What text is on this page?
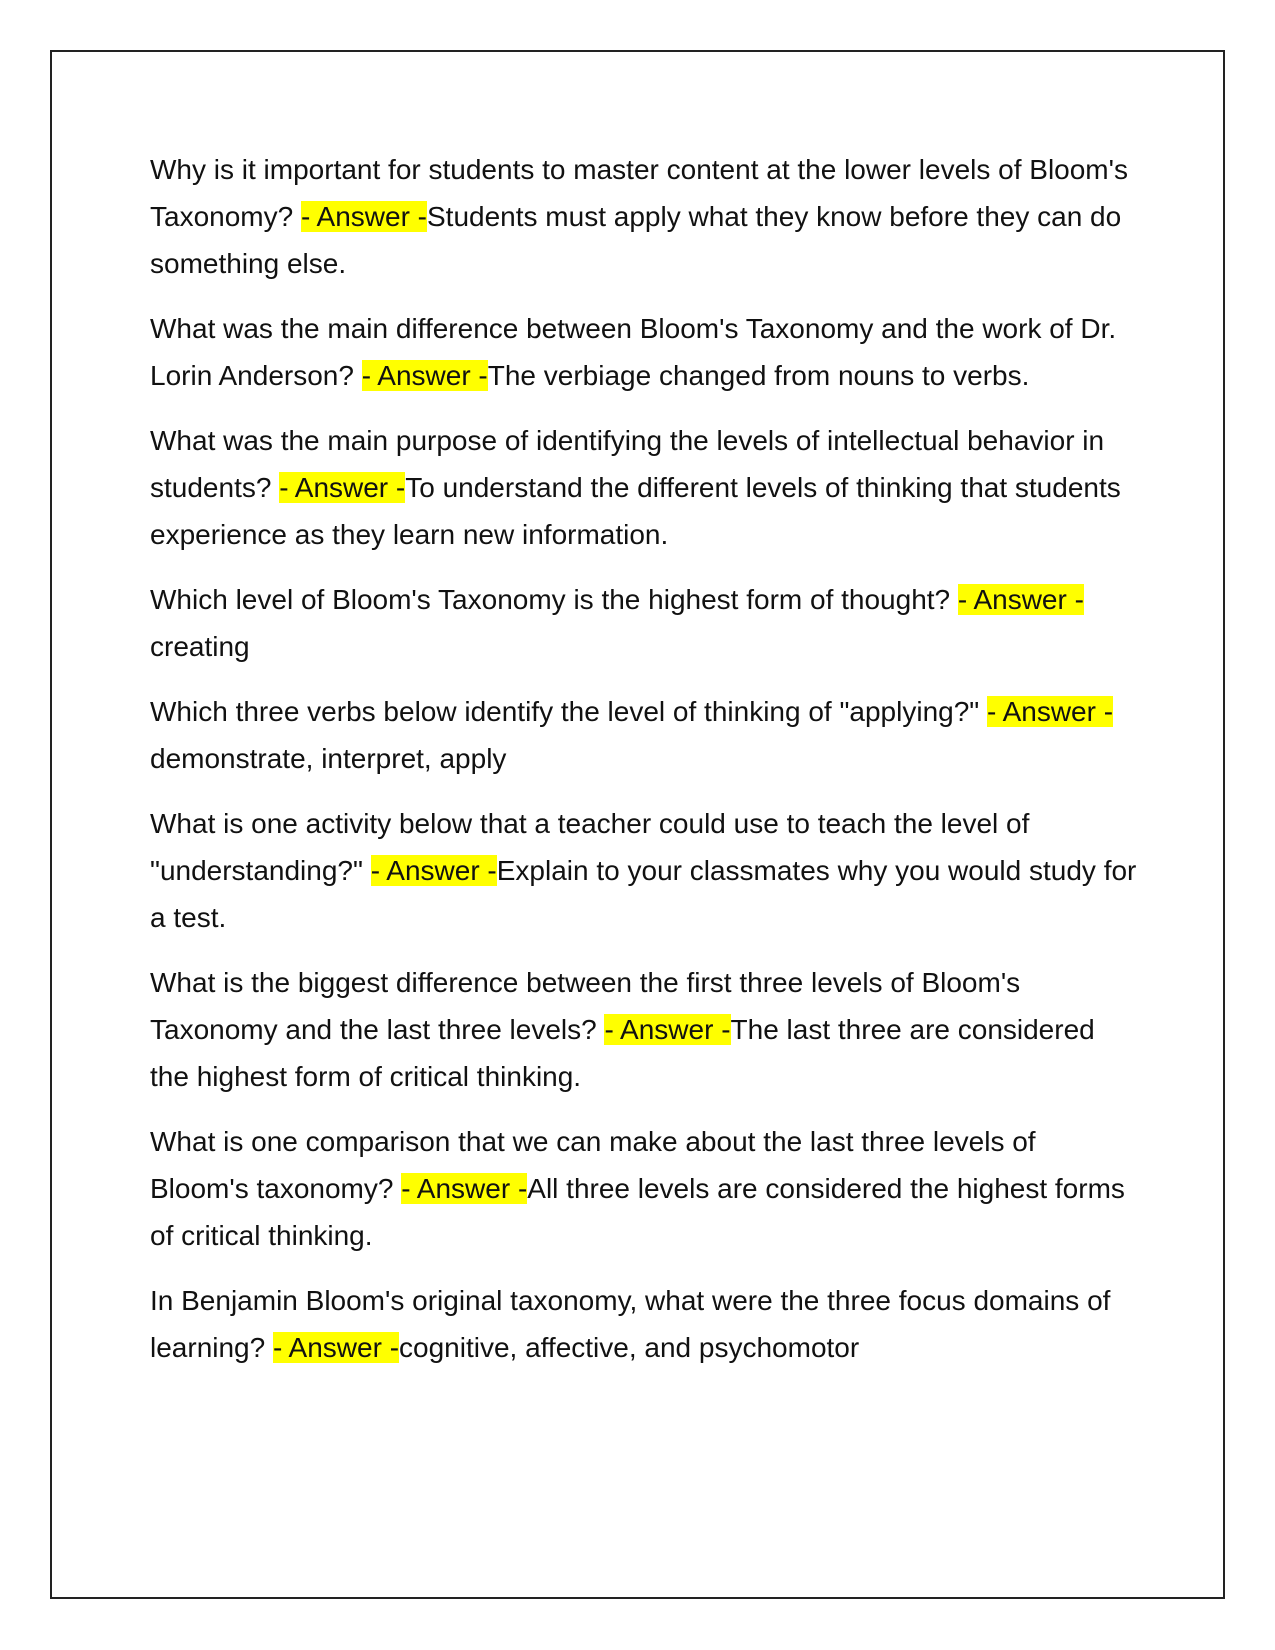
Why is it important for students to master content at the lower levels of Bloom's Taxonomy? - Answer -Students must apply what they know before they can do something else.

What was the main difference between Bloom's Taxonomy and the work of Dr. Lorin Anderson? - Answer -The verbiage changed from nouns to verbs.

What was the main purpose of identifying the levels of intellectual behavior in students? - Answer -To understand the different levels of thinking that students experience as they learn new information.

Which level of Bloom's Taxonomy is the highest form of thought? - Answer -creating

Which three verbs below identify the level of thinking of "applying?" - Answer -demonstrate, interpret, apply

What is one activity below that a teacher could use to teach the level of "understanding?" - Answer -Explain to your classmates why you would study for a test.

What is the biggest difference between the first three levels of Bloom's Taxonomy and the last three levels? - Answer -The last three are considered the highest form of critical thinking.

What is one comparison that we can make about the last three levels of Bloom's taxonomy? - Answer -All three levels are considered the highest forms of critical thinking.

In Benjamin Bloom's original taxonomy, what were the three focus domains of learning? - Answer -cognitive, affective, and psychomotor
